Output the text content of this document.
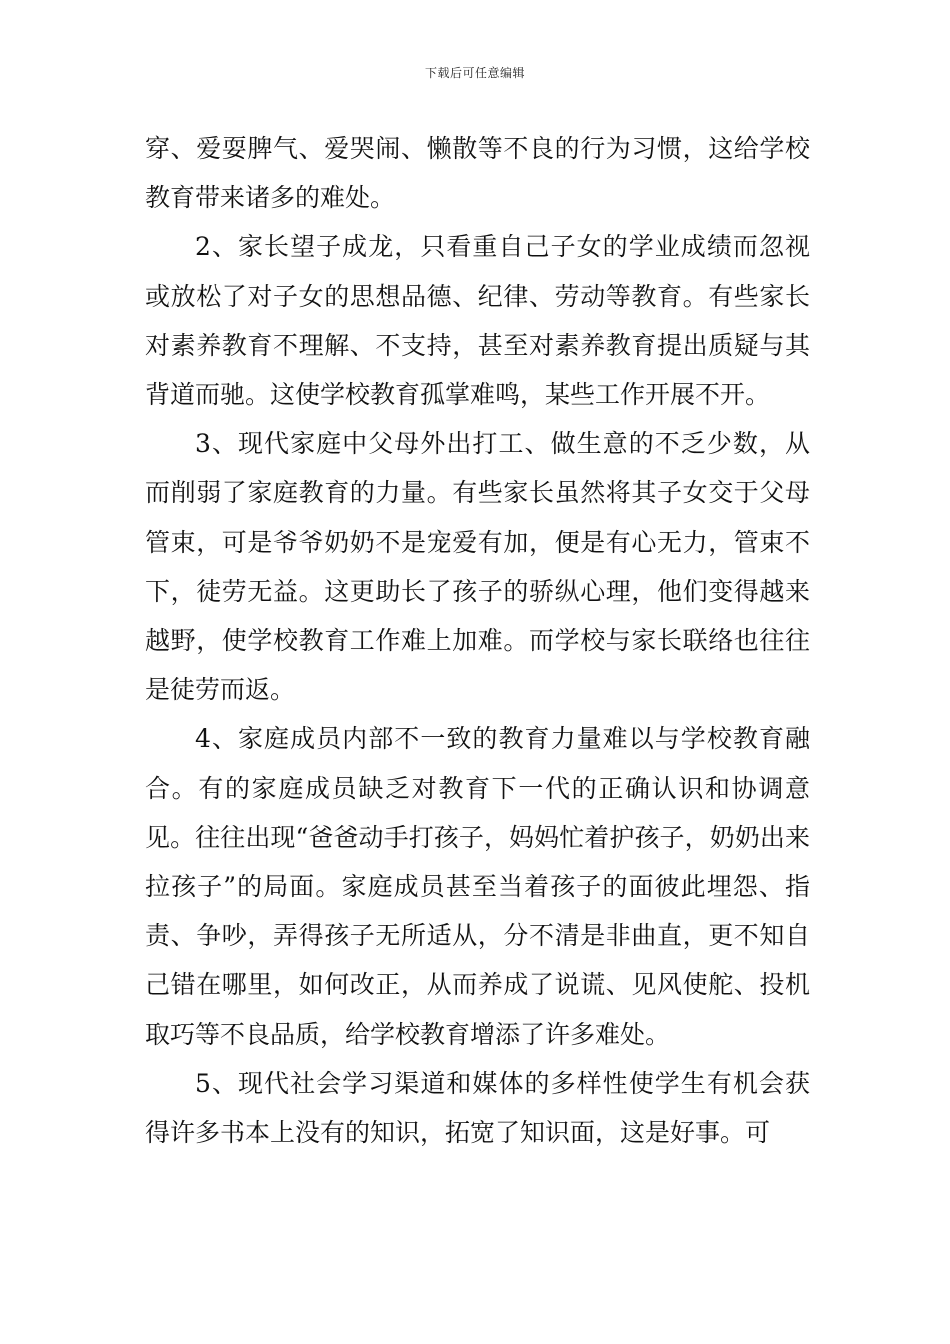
下载后可任意编辑

穿、爱耍脾气、爱哭闹、懒散等不良的行为习惯，这给学校教育带来诸多的难处。

2、家长望子成龙，只看重自己子女的学业成绩而忽视或放松了对子女的思想品德、纪律、劳动等教育。有些家长对素养教育不理解、不支持，甚至对素养教育提出质疑与其背道而驰。这使学校教育孤掌难鸣，某些工作开展不开。

3、现代家庭中父母外出打工、做生意的不乏少数，从而削弱了家庭教育的力量。有些家长虽然将其子女交于父母管束，可是爷爷奶奶不是宠爱有加，便是有心无力，管束不下，徒劳无益。这更助长了孩子的骄纵心理，他们变得越来越野，使学校教育工作难上加难。而学校与家长联络也往往是徒劳而返。

4、家庭成员内部不一致的教育力量难以与学校教育融合。有的家庭成员缺乏对教育下一代的正确认识和协调意见。往往出现“爸爸动手打孩子，妈妈忙着护孩子，奶奶出来拉孩子”的局面。家庭成员甚至当着孩子的面彼此埋怨、指责、争吵，弄得孩子无所适从，分不清是非曲直，更不知自己错在哪里，如何改正，从而养成了说谎、见风使舵、投机取巧等不良品质，给学校教育增添了许多难处。

5、现代社会学习渠道和媒体的多样性使学生有机会获得许多书本上没有的知识，拓宽了知识面，这是好事。可
